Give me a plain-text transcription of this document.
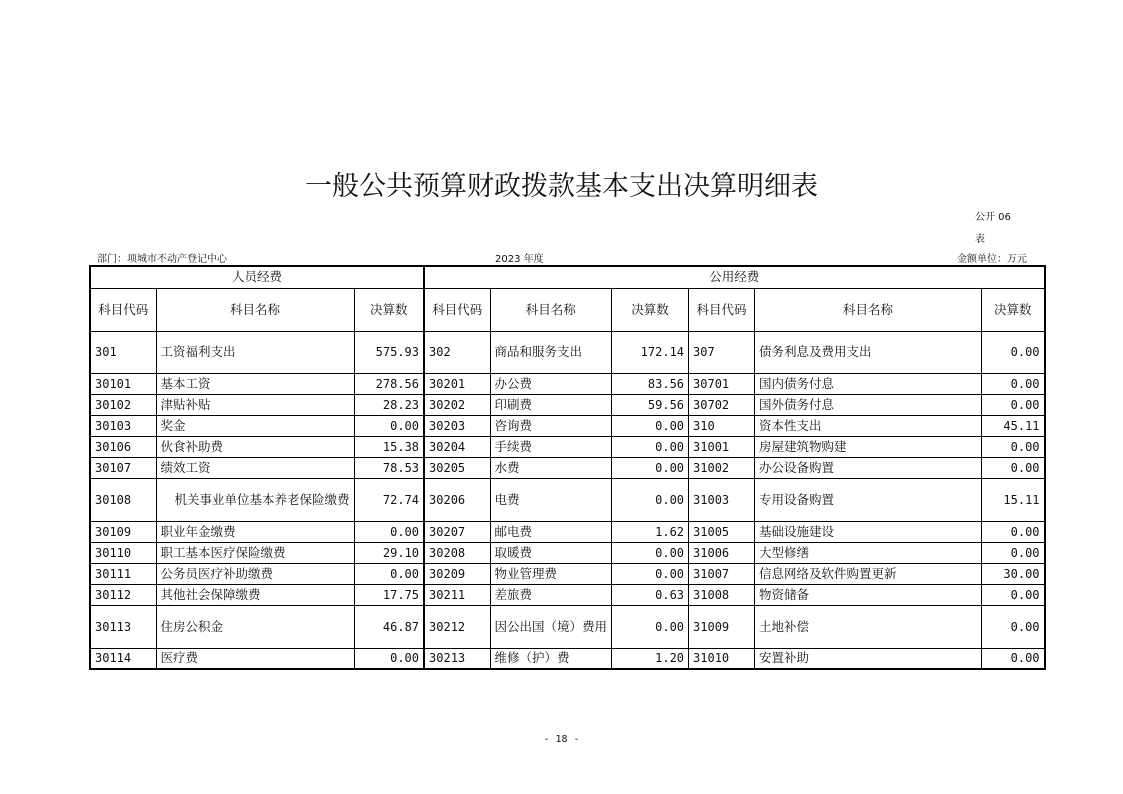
一般公共预算财政拨款基本支出决算明细表
公开 06
表
部门：项城市不动产登记中心	2023 年度	金额单位：万元
人员经费			公用经费					
科目代码	科目名称	决算数	科目代码	科目名称	决算数	科目代码	科目名称	决算数
301	工资福利支出	575.93	302	商品和服务支出	172.14	307	债务利息及费用支出	0.00
30101	基本工资	278.56	30201	办公费	83.56	30701	国内债务付息	0.00
30102	津贴补贴	28.23	30202	印刷费	59.56	30702	国外债务付息	0.00
30103	奖金	0.00	30203	咨询费	0.00	310	资本性支出	45.11
30106	伙食补助费	15.38	30204	手续费	0.00	31001	房屋建筑物购建	0.00
30107	绩效工资	78.53	30205	水费	0.00	31002	办公设备购置	0.00
30108	机关事业单位基本养老保险缴费	72.74	30206	电费	0.00	31003	专用设备购置	15.11
30109	职业年金缴费	0.00	30207	邮电费	1.62	31005	基础设施建设	0.00
30110	职工基本医疗保险缴费	29.10	30208	取暖费	0.00	31006	大型修缮	0.00
30111	公务员医疗补助缴费	0.00	30209	物业管理费	0.00	31007	信息网络及软件购置更新	30.00
30112	其他社会保障缴费	17.75	30211	差旅费	0.63	31008	物资储备	0.00
30113	住房公积金	46.87	30212	因公出国（境）费用	0.00	31009	土地补偿	0.00
30114	医疗费	0.00	30213	维修（护）费	1.20	31010	安置补助	0.00
- 18 -
